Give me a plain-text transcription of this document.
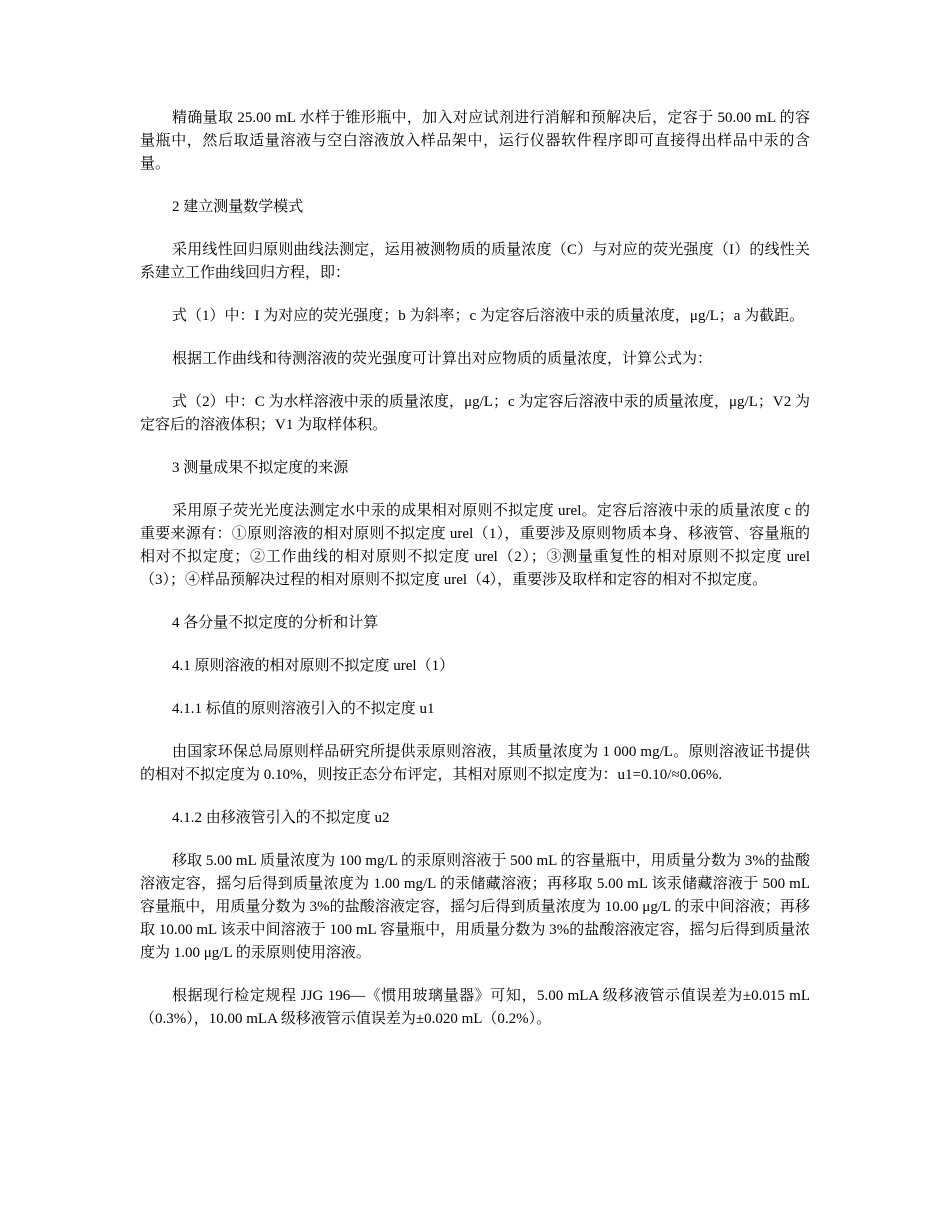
精确量取 25.00 mL 水样于锥形瓶中，加入对应试剂进行消解和预解决后，定容于 50.00 mL 的容量瓶中，然后取适量溶液与空白溶液放入样品架中，运行仪器软件程序即可直接得出样品中汞的含量。

2 建立测量数学模式

采用线性回归原则曲线法测定，运用被测物质的质量浓度（C）与对应的荧光强度（I）的线性关系建立工作曲线回归方程，即：

式（1）中：I 为对应的荧光强度；b 为斜率；c 为定容后溶液中汞的质量浓度，μg/L；a 为截距。

根据工作曲线和待测溶液的荧光强度可计算出对应物质的质量浓度，计算公式为：

式（2）中：C 为水样溶液中汞的质量浓度，μg/L；c 为定容后溶液中汞的质量浓度，μg/L；V2 为定容后的溶液体积；V1 为取样体积。

3 测量成果不拟定度的来源

采用原子荧光光度法测定水中汞的成果相对原则不拟定度 urel。定容后溶液中汞的质量浓度 c 的重要来源有：①原则溶液的相对原则不拟定度 urel（1），重要涉及原则物质本身、移液管、容量瓶的相对不拟定度；②工作曲线的相对原则不拟定度 urel（2）；③测量重复性的相对原则不拟定度 urel（3）；④样品预解决过程的相对原则不拟定度 urel（4），重要涉及取样和定容的相对不拟定度。

4 各分量不拟定度的分析和计算

4.1 原则溶液的相对原则不拟定度 urel（1）

4.1.1 标值的原则溶液引入的不拟定度 u1

由国家环保总局原则样品研究所提供汞原则溶液，其质量浓度为 1 000 mg/L。原则溶液证书提供的相对不拟定度为 0.10%，则按正态分布评定，其相对原则不拟定度为：u1=0.10/≈0.06%.

4.1.2 由移液管引入的不拟定度 u2

移取 5.00 mL 质量浓度为 100 mg/L 的汞原则溶液于 500 mL 的容量瓶中，用质量分数为 3%的盐酸溶液定容，摇匀后得到质量浓度为 1.00 mg/L 的汞储藏溶液；再移取 5.00 mL 该汞储藏溶液于 500 mL 容量瓶中，用质量分数为 3%的盐酸溶液定容，摇匀后得到质量浓度为 10.00 μg/L 的汞中间溶液；再移取 10.00 mL 该汞中间溶液于 100 mL 容量瓶中，用质量分数为 3%的盐酸溶液定容，摇匀后得到质量浓度为 1.00 μg/L 的汞原则使用溶液。

根据现行检定规程 JJG 196—《惯用玻璃量器》可知，5.00 mLA 级移液管示值误差为±0.015 mL（0.3%），10.00 mLA 级移液管示值误差为±0.020 mL（0.2%）。
